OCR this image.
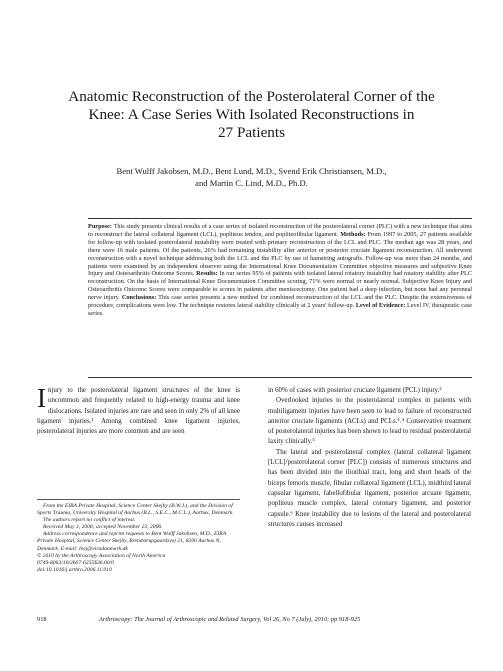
Anatomic Reconstruction of the Posterolateral Corner of the
Knee: A Case Series With Isolated Reconstructions in
27 Patients
Bent Wulff Jakobsen, M.D., Bent Lund, M.D., Svend Erik Christiansen, M.D.,
and Martin C. Lind, M.D., Ph.D.
Purpose: This study presents clinical results of a case series of isolated reconstruction of the posterolateral corner (PLC) with a new technique that aims to reconstruct the lateral collateral ligament (LCL), popliteus tendon, and popliteofibular ligament. Methods: From 1997 to 2005, 27 patients available for follow-up with isolated posterolateral instability were treated with primary reconstruction of the LCL and PLC. The median age was 28 years, and there were 16 male patients. Of the patients, 26% had remaining instability after anterior or posterior cruciate ligament reconstruction. All underwent reconstruction with a novel technique addressing both the LCL and the PLC by use of hamstring autografts. Follow-up was more than 24 months, and patients were examined by an independent observer using the International Knee Documentation Committee objective measures and subjective Knee Injury and Osteoarthritis Outcome Scores. Results: In our series 95% of patients with isolated lateral rotatory instability had rotatory stability after PLC reconstruction. On the basis of International Knee Documentation Committee scoring, 71% were normal or nearly normal. Subjective Knee Injury and Osteoarthritis Outcome Scores were comparable to scores in patients after meniscectomy. One patient had a deep infection, but none had any peroneal nerve injury. Conclusions: This case series presents a new method for combined reconstruction of the LCL and the PLC. Despite the extensiveness of procedure, complications were low. The technique restores lateral stability clinically at 2 years' follow-up. Level of Evidence: Level IV, therapeutic case series.

Injury to the posterolateral ligament structures of the knee is uncommon and frequently related to high-energy trauma and knee dislocations. Isolated injuries are rare and seen in only 2% of all knee ligament injuries.¹ Among combined knee ligament injuries, posterolateral injuries are more common and are seen

in 60% of cases with posterior cruciate ligament (PCL) injury.²

Overlooked injuries to the posterolateral complex in patients with multiligament injuries have been seen to lead to failure of reconstructed anterior cruciate ligaments (ACLs) and PCLs.³˒⁴ Conservative treatment of posterolateral injuries has been shown to lead to residual posterolateral laxity clinically.⁵

The lateral and posterolateral complex (lateral collateral ligament [LCL]/posterolateral corner [PLC]) consists of numerous structures and has been divided into the iliotibial tract, long and short heads of the biceps femoris muscle, fibular collateral ligament (LCL), midthird lateral capsular ligament, fabellofibular ligament, posterior arcuate ligament, popliteus muscle complex, lateral coronary ligament, and posterior capsule.⁶ Knee instability due to lesions of the lateral and posterolateral structures causes increased

From the EIRA Private Hospital, Science Center Skejby (B.W.J.), and the Division of Sports Trauma, University Hospital of Aarhus (B.L., S.E.C., M.C.L.), Aarhus, Denmark.
The authors report no conflict of interest.
Received May 3, 2006; accepted November 23, 2006.
Address correspondence and reprint requests to Bent Wulff Jakobsen, M.D., EIRA Private Hospital, Science Center Skejby, Brendstrupgaardsvej 21, 8200 Aarhus N, Denmark. E-mail: bwj@eiradanmark.dk
© 2010 by the Arthroscopy Association of North America
0749-8063/10/2607-6255$36.00/0
doi:10.1016/j.arthro.2006.11.010
918	Arthroscopy: The Journal of Arthroscopic and Related Surgery, Vol 26, No 7 (July), 2010: pp 918-925
